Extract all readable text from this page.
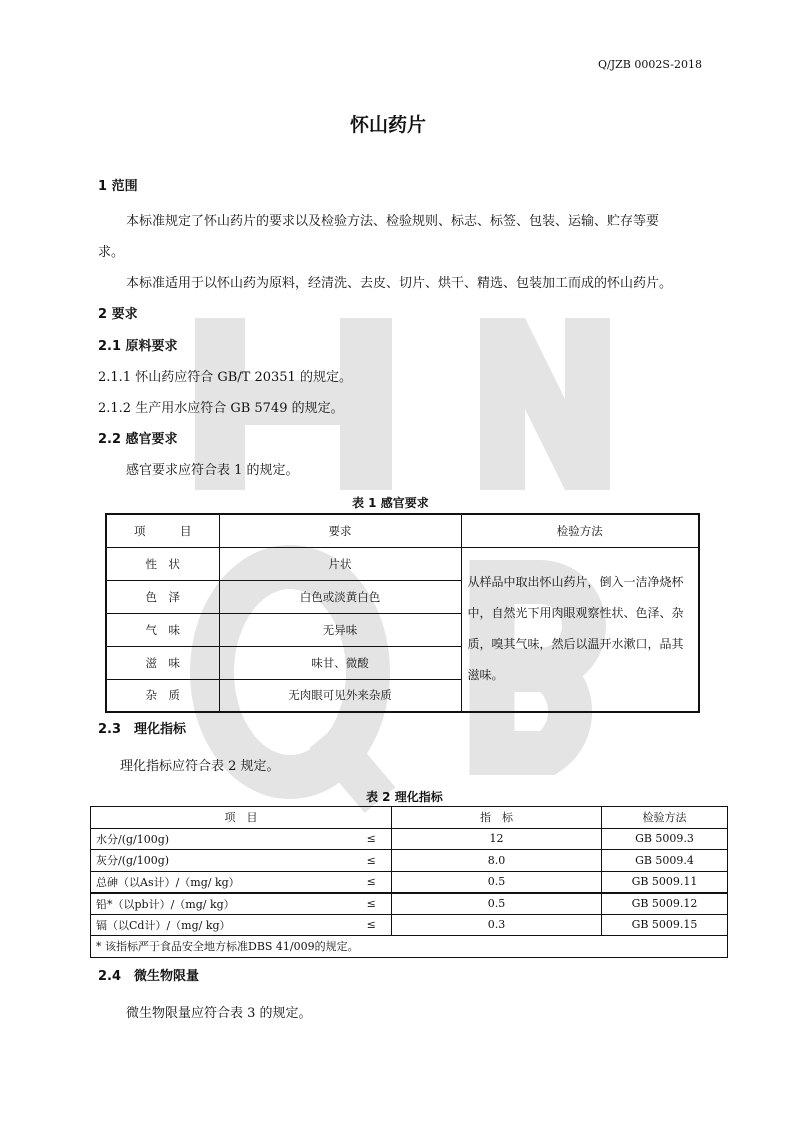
Q/JZB 0002S-2018
怀山药片
1 范围
本标准规定了怀山药片的要求以及检验方法、检验规则、标志、标签、包装、运输、贮存等要
求。
本标准适用于以怀山药为原料，经清洗、去皮、切片、烘干、精选、包装加工而成的怀山药片。
2 要求
2.1 原料要求
2.1.1 怀山药应符合 GB/T 20351 的规定。
2.1.2 生产用水应符合 GB 5749 的规定。
2.2 感官要求
感官要求应符合表 1 的规定。
表 1 感官要求
项　　　目	要求	检验方法
性　状	片状	从样品中取出怀山药片，倒入一洁净烧杯中，自然光下用肉眼观察性状、色泽、杂质，嗅其气味，然后以温开水漱口，品其滋味。
色　泽	白色或淡黄白色	
气　味	无异味	
滋　味	味甘、微酸	
杂　质	无肉眼可见外来杂质	
2.3　理化指标
理化指标应符合表 2 规定。
表 2 理化指标
项　目		指　标	检验方法
水分/(g/100g)	≤	12	GB 5009.3
灰分/(g/100g)	≤	8.0	GB 5009.4
总砷（以As计）/（mg/ kg）	≤	0.5	GB 5009.11
铅*（以pb计）/（mg/ kg）	≤	0.5	GB 5009.12
镉（以Cd计）/（mg/ kg）	≤	0.3	GB 5009.15
* 该指标严于食品安全地方标准DBS 41/009的规定。			
2.4　微生物限量
微生物限量应符合表 3 的规定。
